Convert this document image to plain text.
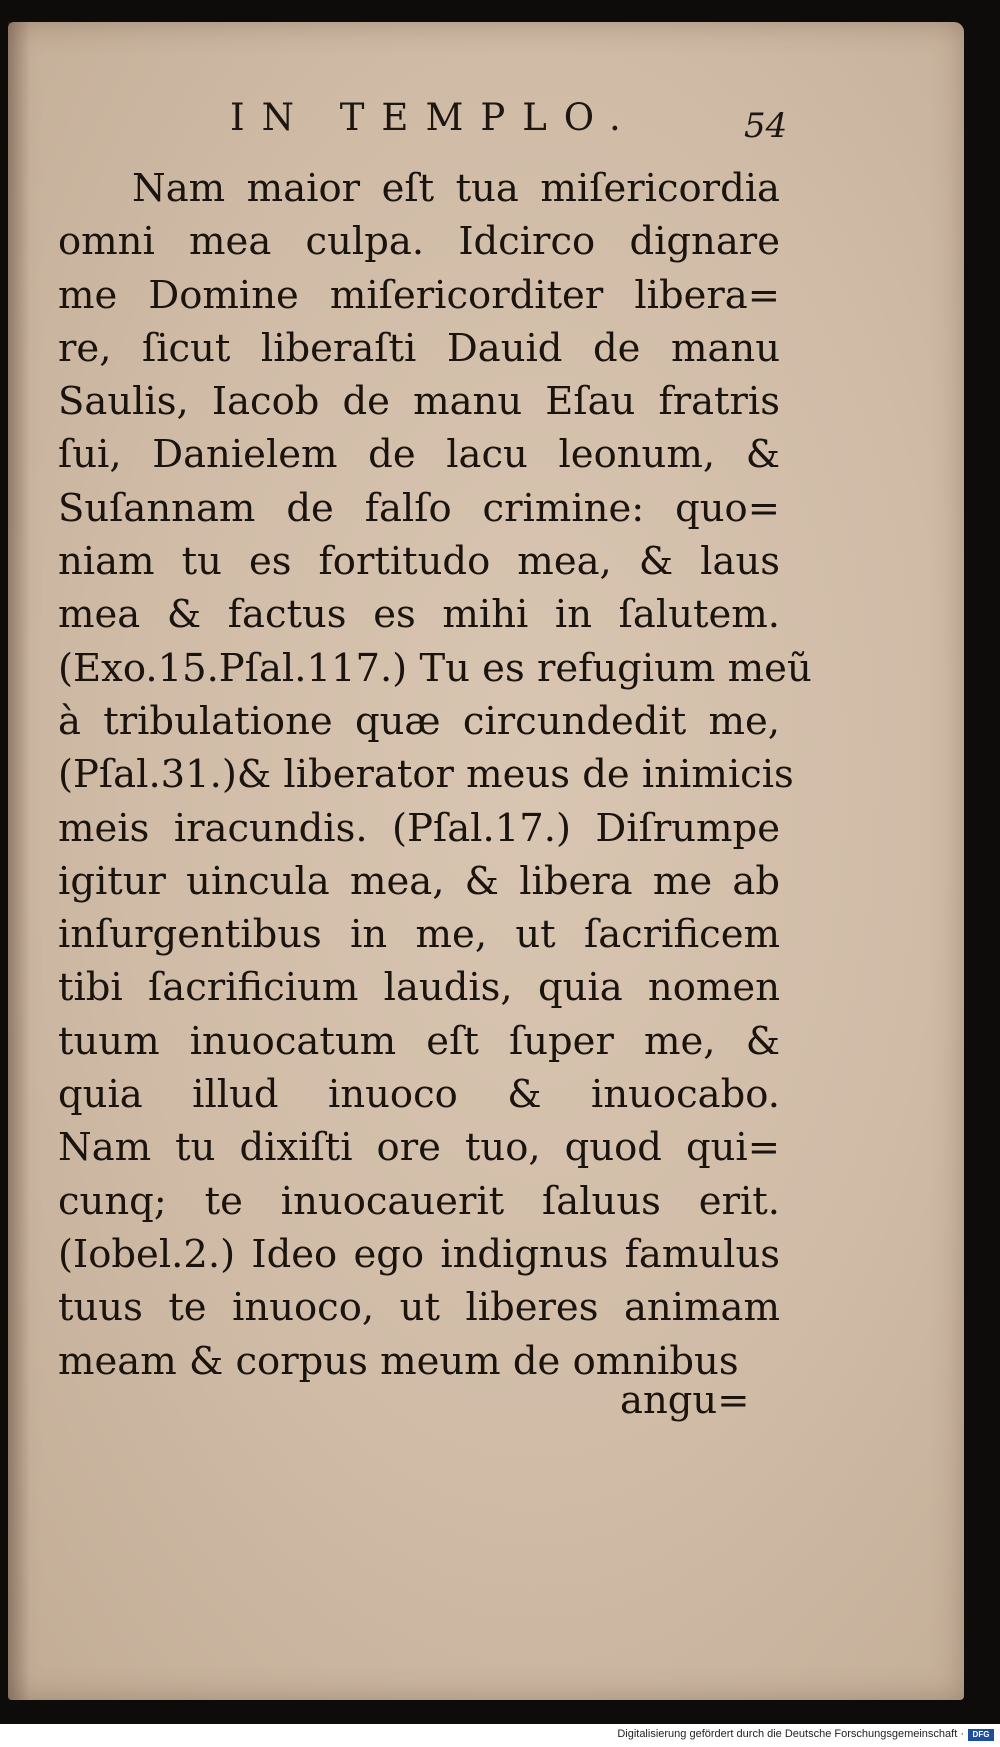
IN TEMPLO.	54
Nam maior eſt tua miſericordia
omni mea culpa. Idcirco dignare
me Domine miſericorditer libera=
re, ſicut liberaſti Dauid de manu
Saulis, Iacob de manu Eſau fratris
ſui, Danielem de lacu leonum, &
Suſannam de falſo crimine: quo=
niam tu es fortitudo mea, & laus
mea & factus es mihi in ſalutem.
(Exo.15.Pſal.117.) Tu es refugium meũ
à tribulatione quæ circundedit me,
(Pſal.31.)& liberator meus de inimicis
meis iracundis. (Pſal.17.) Diſrumpe
igitur uincula mea, & libera me ab
inſurgentibus in me, ut ſacrificem
tibi ſacrificium laudis, quia nomen
tuum inuocatum eſt ſuper me, &
quia illud inuoco & inuocabo.
Nam tu dixiſti ore tuo, quod qui=
cunq; te inuocauerit ſaluus erit.
(Iobel.2.) Ideo ego indignus famulus
tuus te inuoco, ut liberes animam
meam & corpus meum de omnibus
angu=
Digitalisierung gefördert durch die Deutsche Forschungsgemeinschaft ·	DFG
